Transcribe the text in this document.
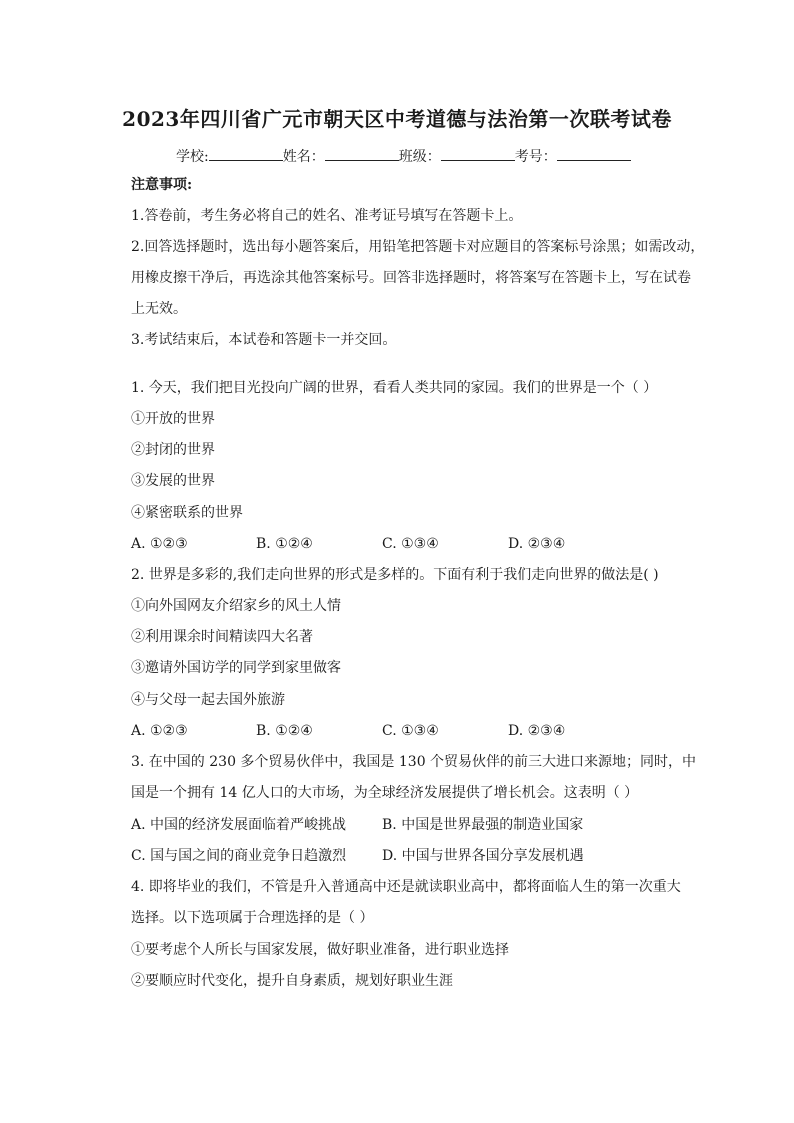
2023年四川省广元市朝天区中考道德与法治第一次联考试卷
学校:	姓名：	班级：	考号：
注意事项:
1.答卷前，考生务必将自己的姓名、准考证号填写在答题卡上。
2.回答选择题时，选出每小题答案后，用铅笔把答题卡对应题目的答案标号涂黑；如需改动，
用橡皮擦干净后，再选涂其他答案标号。回答非选择题时，将答案写在答题卡上，写在试卷
上无效。
3.考试结束后，本试卷和答题卡一并交回。
1. 今天，我们把目光投向广阔的世界，看看人类共同的家园。我们的世界是一个（ ）
①开放的世界
②封闭的世界
③发展的世界
④紧密联系的世界
A. ①②③	B. ①②④	C. ①③④	D. ②③④
2. 世界是多彩的,我们走向世界的形式是多样的。下面有利于我们走向世界的做法是( )
①向外国网友介绍家乡的风土人情
②利用课余时间精读四大名著
③邀请外国访学的同学到家里做客
④与父母一起去国外旅游
A. ①②③	B. ①②④	C. ①③④	D. ②③④
3. 在中国的 230 多个贸易伙伴中，我国是 130 个贸易伙伴的前三大进口来源地；同时，中
国是一个拥有 14 亿人口的大市场，为全球经济发展提供了增长机会。这表明（ ）
A. 中国的经济发展面临着严峻挑战	B. 中国是世界最强的制造业国家
C. 国与国之间的商业竞争日趋激烈	D. 中国与世界各国分享发展机遇
4. 即将毕业的我们，不管是升入普通高中还是就读职业高中，都将面临人生的第一次重大
选择。以下选项属于合理选择的是（ ）
①要考虑个人所长与国家发展，做好职业准备，进行职业选择
②要顺应时代变化，提升自身素质，规划好职业生涯
